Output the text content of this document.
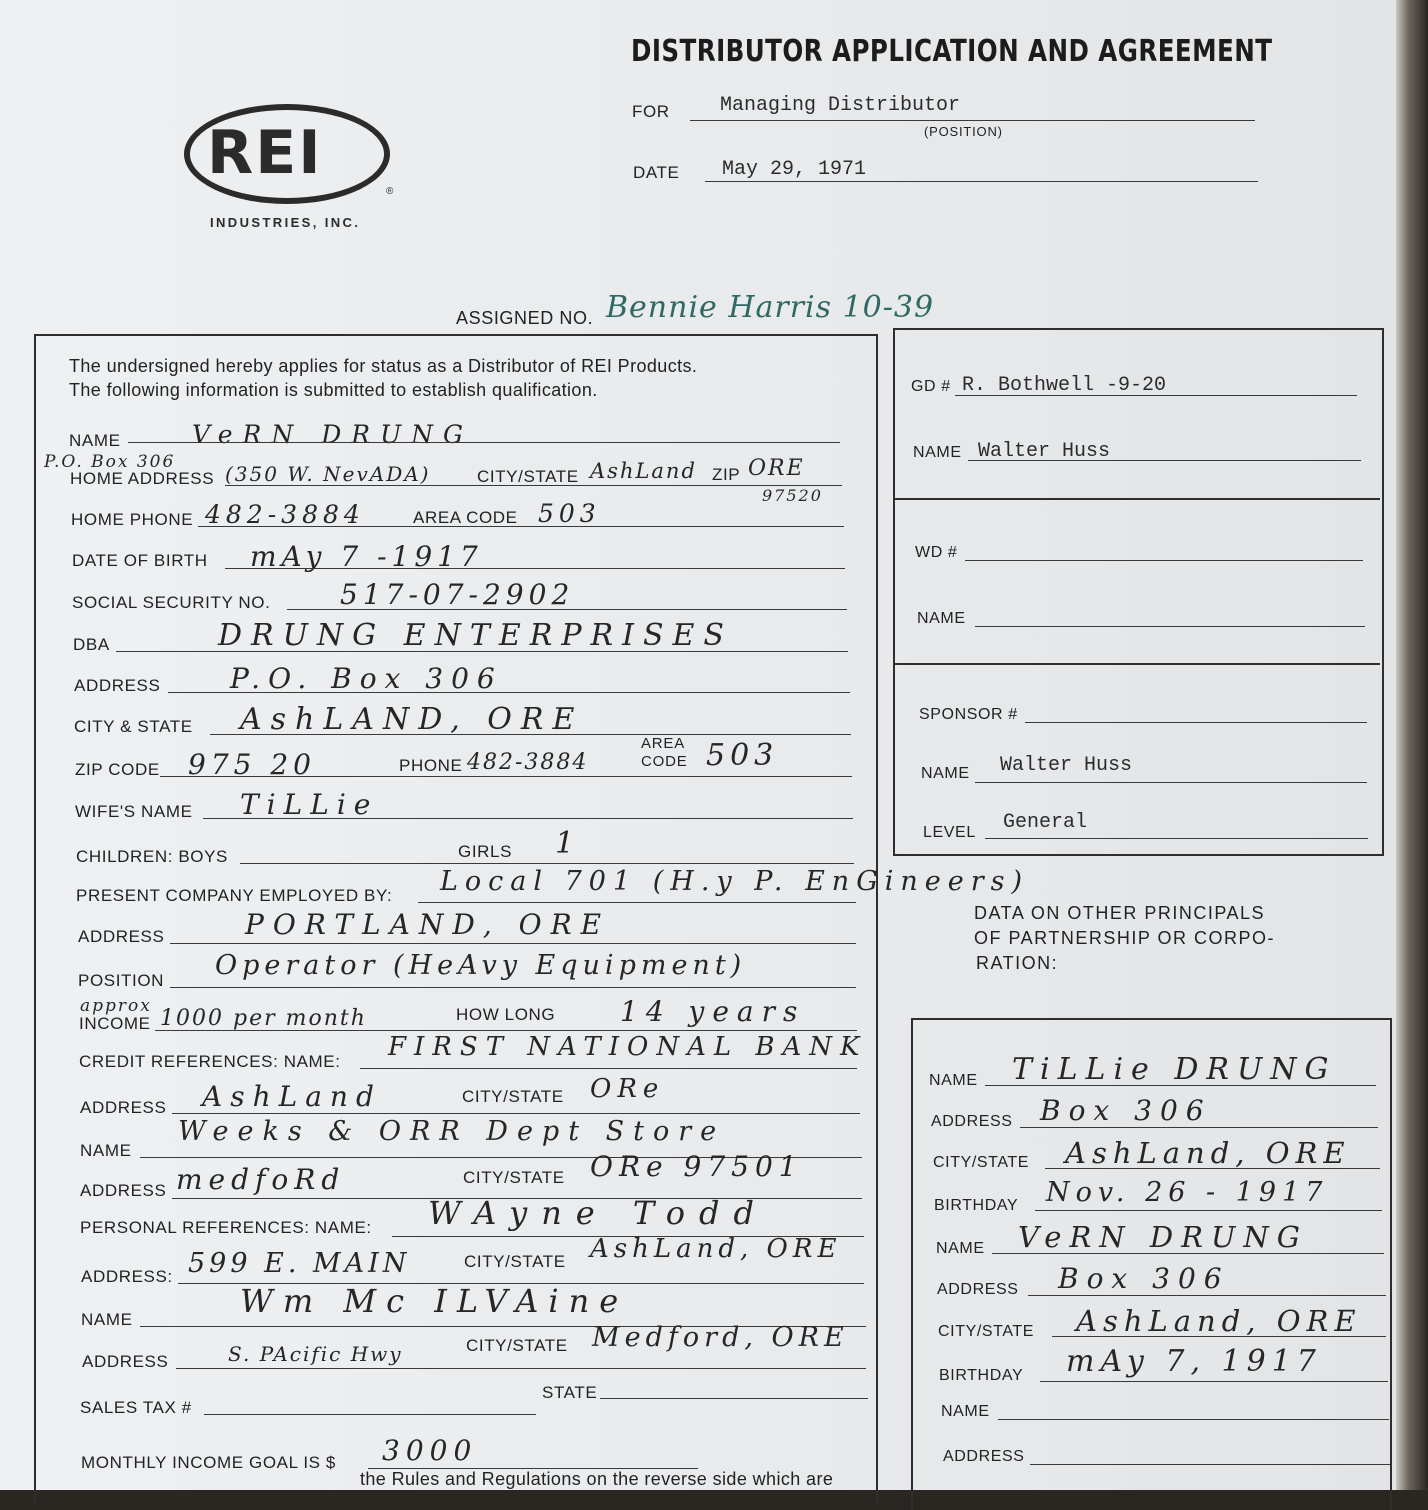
DISTRIBUTOR APPLICATION AND AGREEMENT
FOR	Managing Distributor
(POSITION)
DATE May 29, 1971
REI
®
INDUSTRIES, INC.
ASSIGNED NO. Bennie Harris 10-39
The undersigned hereby applies for status as a Distributor of REI Products.
The following information is submitted to establish qualification.
NAME	VeRN DRUNG
P.O. Box 306
HOME ADDRESS (350 W. NevADA)	CITY/STATE AshLand ZIP ORE
97520
HOME PHONE 482-3884	AREA CODE 503
DATE OF BIRTH mAy 7 -1917
SOCIAL SECURITY NO. 517-07-2902
DBA	DRUNG ENTERPRISES
ADDRESS P.O. Box 306
CITY & STATE AshLAND, ORE
ZIP CODE 975 20	PHONE 482-3884
AREA
CODE 503
WIFE'S NAME TiLLie
CHILDREN: BOYS	GIRLS 1
PRESENT COMPANY EMPLOYED BY: Local 701 (H.y P. EnGineers)
ADDRESS	PORTLAND, ORE
POSITION Operator (HeAvy Equipment)
approx
INCOME 1000 per month	HOW LONG 14 years
CREDIT REFERENCES: NAME: FIRST NATIONAL BANK
ADDRESS AshLand	CITY/STATE ORe
NAME
Weeks & ORR Dept Store
ADDRESS medfoRd	CITY/STATE ORe 97501
PERSONAL REFERENCES: NAME: WAyne Todd
ADDRESS: 599 E. MAIN	CITY/STATE AshLand, ORE
NAME	Wm Mc ILVAine
ADDRESS	S. PAcific Hwy	CITY/STATE Medford, ORE
SALES TAX #
STATE
MONTHLY INCOME GOAL IS $ 3000
the Rules and Regulations on the reverse side which are
GD # R. Bothwell -9-20
NAME Walter Huss
WD #
NAME
SPONSOR #
NAME Walter Huss
LEVEL General
DATA ON OTHER PRINCIPALS
OF PARTNERSHIP OR CORPO-
RATION:
NAME TiLLie DRUNG
ADDRESS Box 306
CITY/STATE AshLand, ORE
BIRTHDAY Nov. 26 - 1917
NAME VeRN DRUNG
ADDRESS Box 306
CITY/STATE AshLand, ORE
BIRTHDAY mAy 7, 1917
NAME
ADDRESS
